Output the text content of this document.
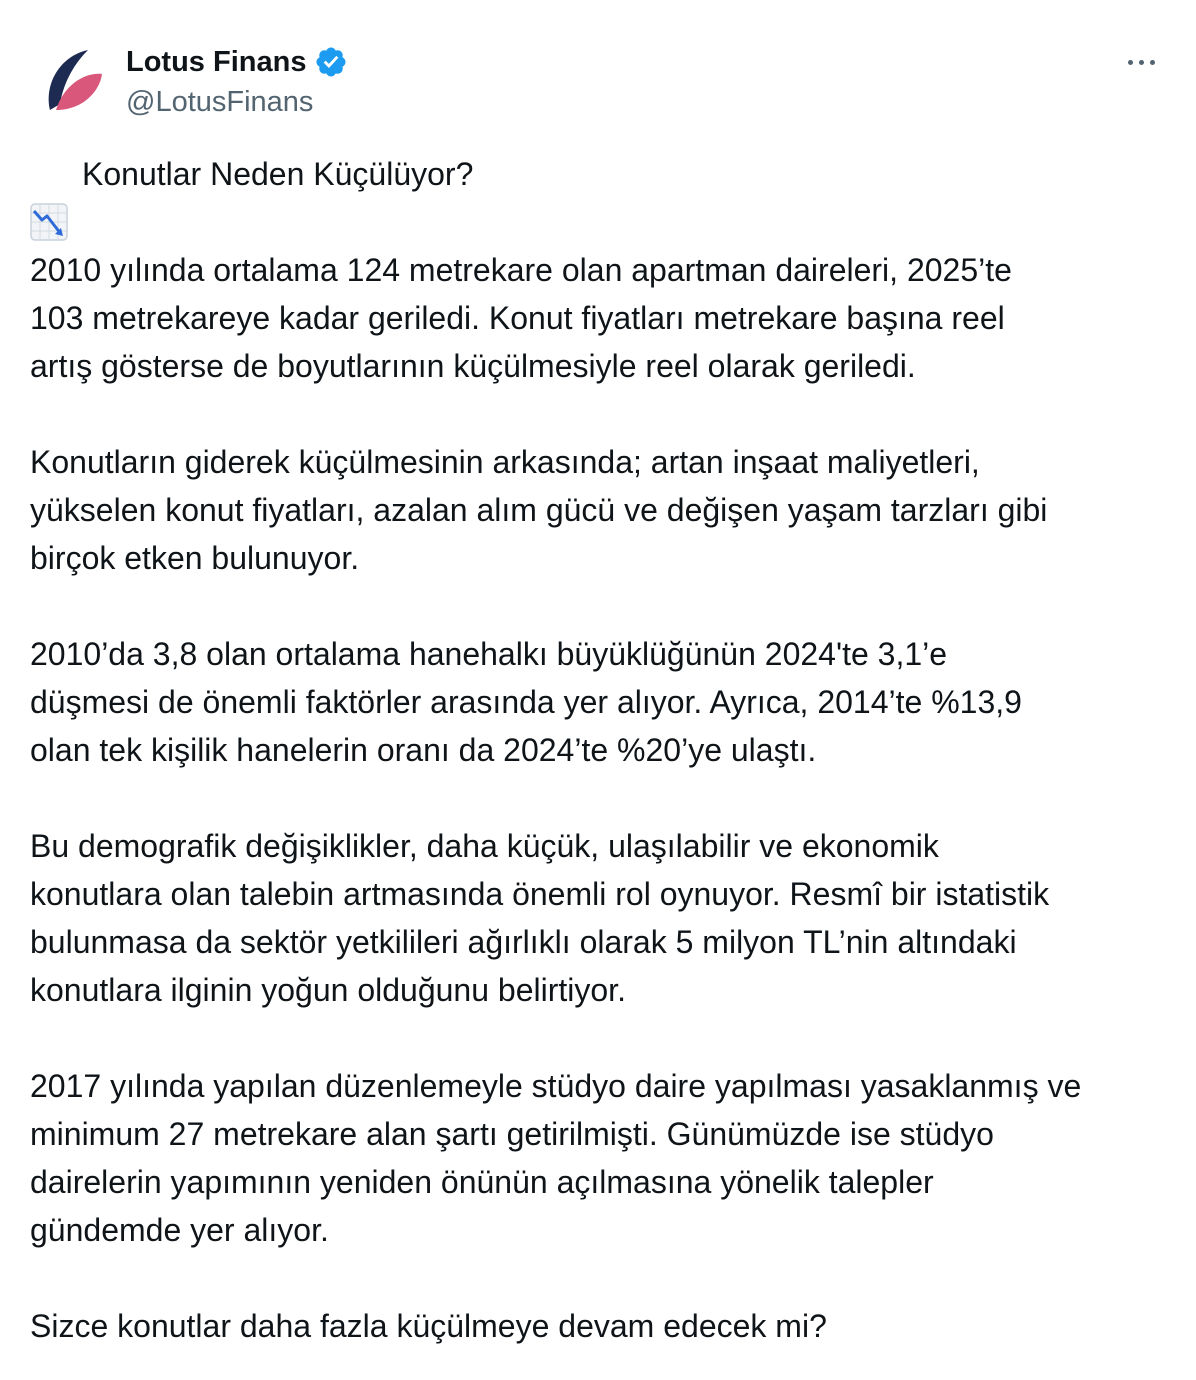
Lotus Finans
@LotusFinans

Konutlar Neden Küçülüyor?

2010 yılında ortalama 124 metrekare olan apartman daireleri, 2025’te
103 metrekareye kadar geriledi. Konut fiyatları metrekare başına reel
artış gösterse de boyutlarının küçülmesiyle reel olarak geriledi.

Konutların giderek küçülmesinin arkasında; artan inşaat maliyetleri,
yükselen konut fiyatları, azalan alım gücü ve değişen yaşam tarzları gibi
birçok etken bulunuyor.

2010’da 3,8 olan ortalama hanehalkı büyüklüğünün 2024'te 3,1’e
düşmesi de önemli faktörler arasında yer alıyor. Ayrıca, 2014’te %13,9
olan tek kişilik hanelerin oranı da 2024’te %20’ye ulaştı.

Bu demografik değişiklikler, daha küçük, ulaşılabilir ve ekonomik
konutlara olan talebin artmasında önemli rol oynuyor. Resmî bir istatistik
bulunmasa da sektör yetkilileri ağırlıklı olarak 5 milyon TL’nin altındaki
konutlara ilginin yoğun olduğunu belirtiyor.

2017 yılında yapılan düzenlemeyle stüdyo daire yapılması yasaklanmış ve
minimum 27 metrekare alan şartı getirilmişti. Günümüzde ise stüdyo
dairelerin yapımının yeniden önünün açılmasına yönelik talepler
gündemde yer alıyor.

Sizce konutlar daha fazla küçülmeye devam edecek mi?
